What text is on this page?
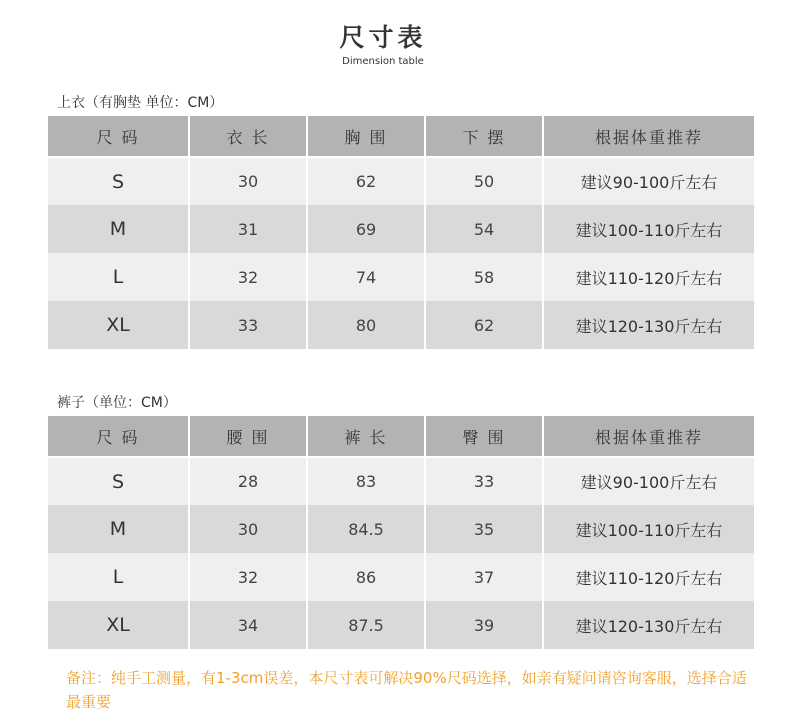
尺寸表
Dimension table
上衣（有胸垫 单位：CM）
尺 码	衣 长	胸 围	下 摆	根据体重推荐
S	30	62	50	建议90-100斤左右
M	31	69	54	建议100-110斤左右
L	32	74	58	建议110-120斤左右
XL	33	80	62	建议120-130斤左右
裤子（单位：CM）
尺 码	腰 围	裤 长	臀 围	根据体重推荐
S	28	83	33	建议90-100斤左右
M	30	84.5	35	建议100-110斤左右
L	32	86	37	建议110-120斤左右
XL	34	87.5	39	建议120-130斤左右
备注：纯手工测量，有1-3cm误差，本尺寸表可解决90%尺码选择，如亲有疑问请咨询客服，选择合适最重要
